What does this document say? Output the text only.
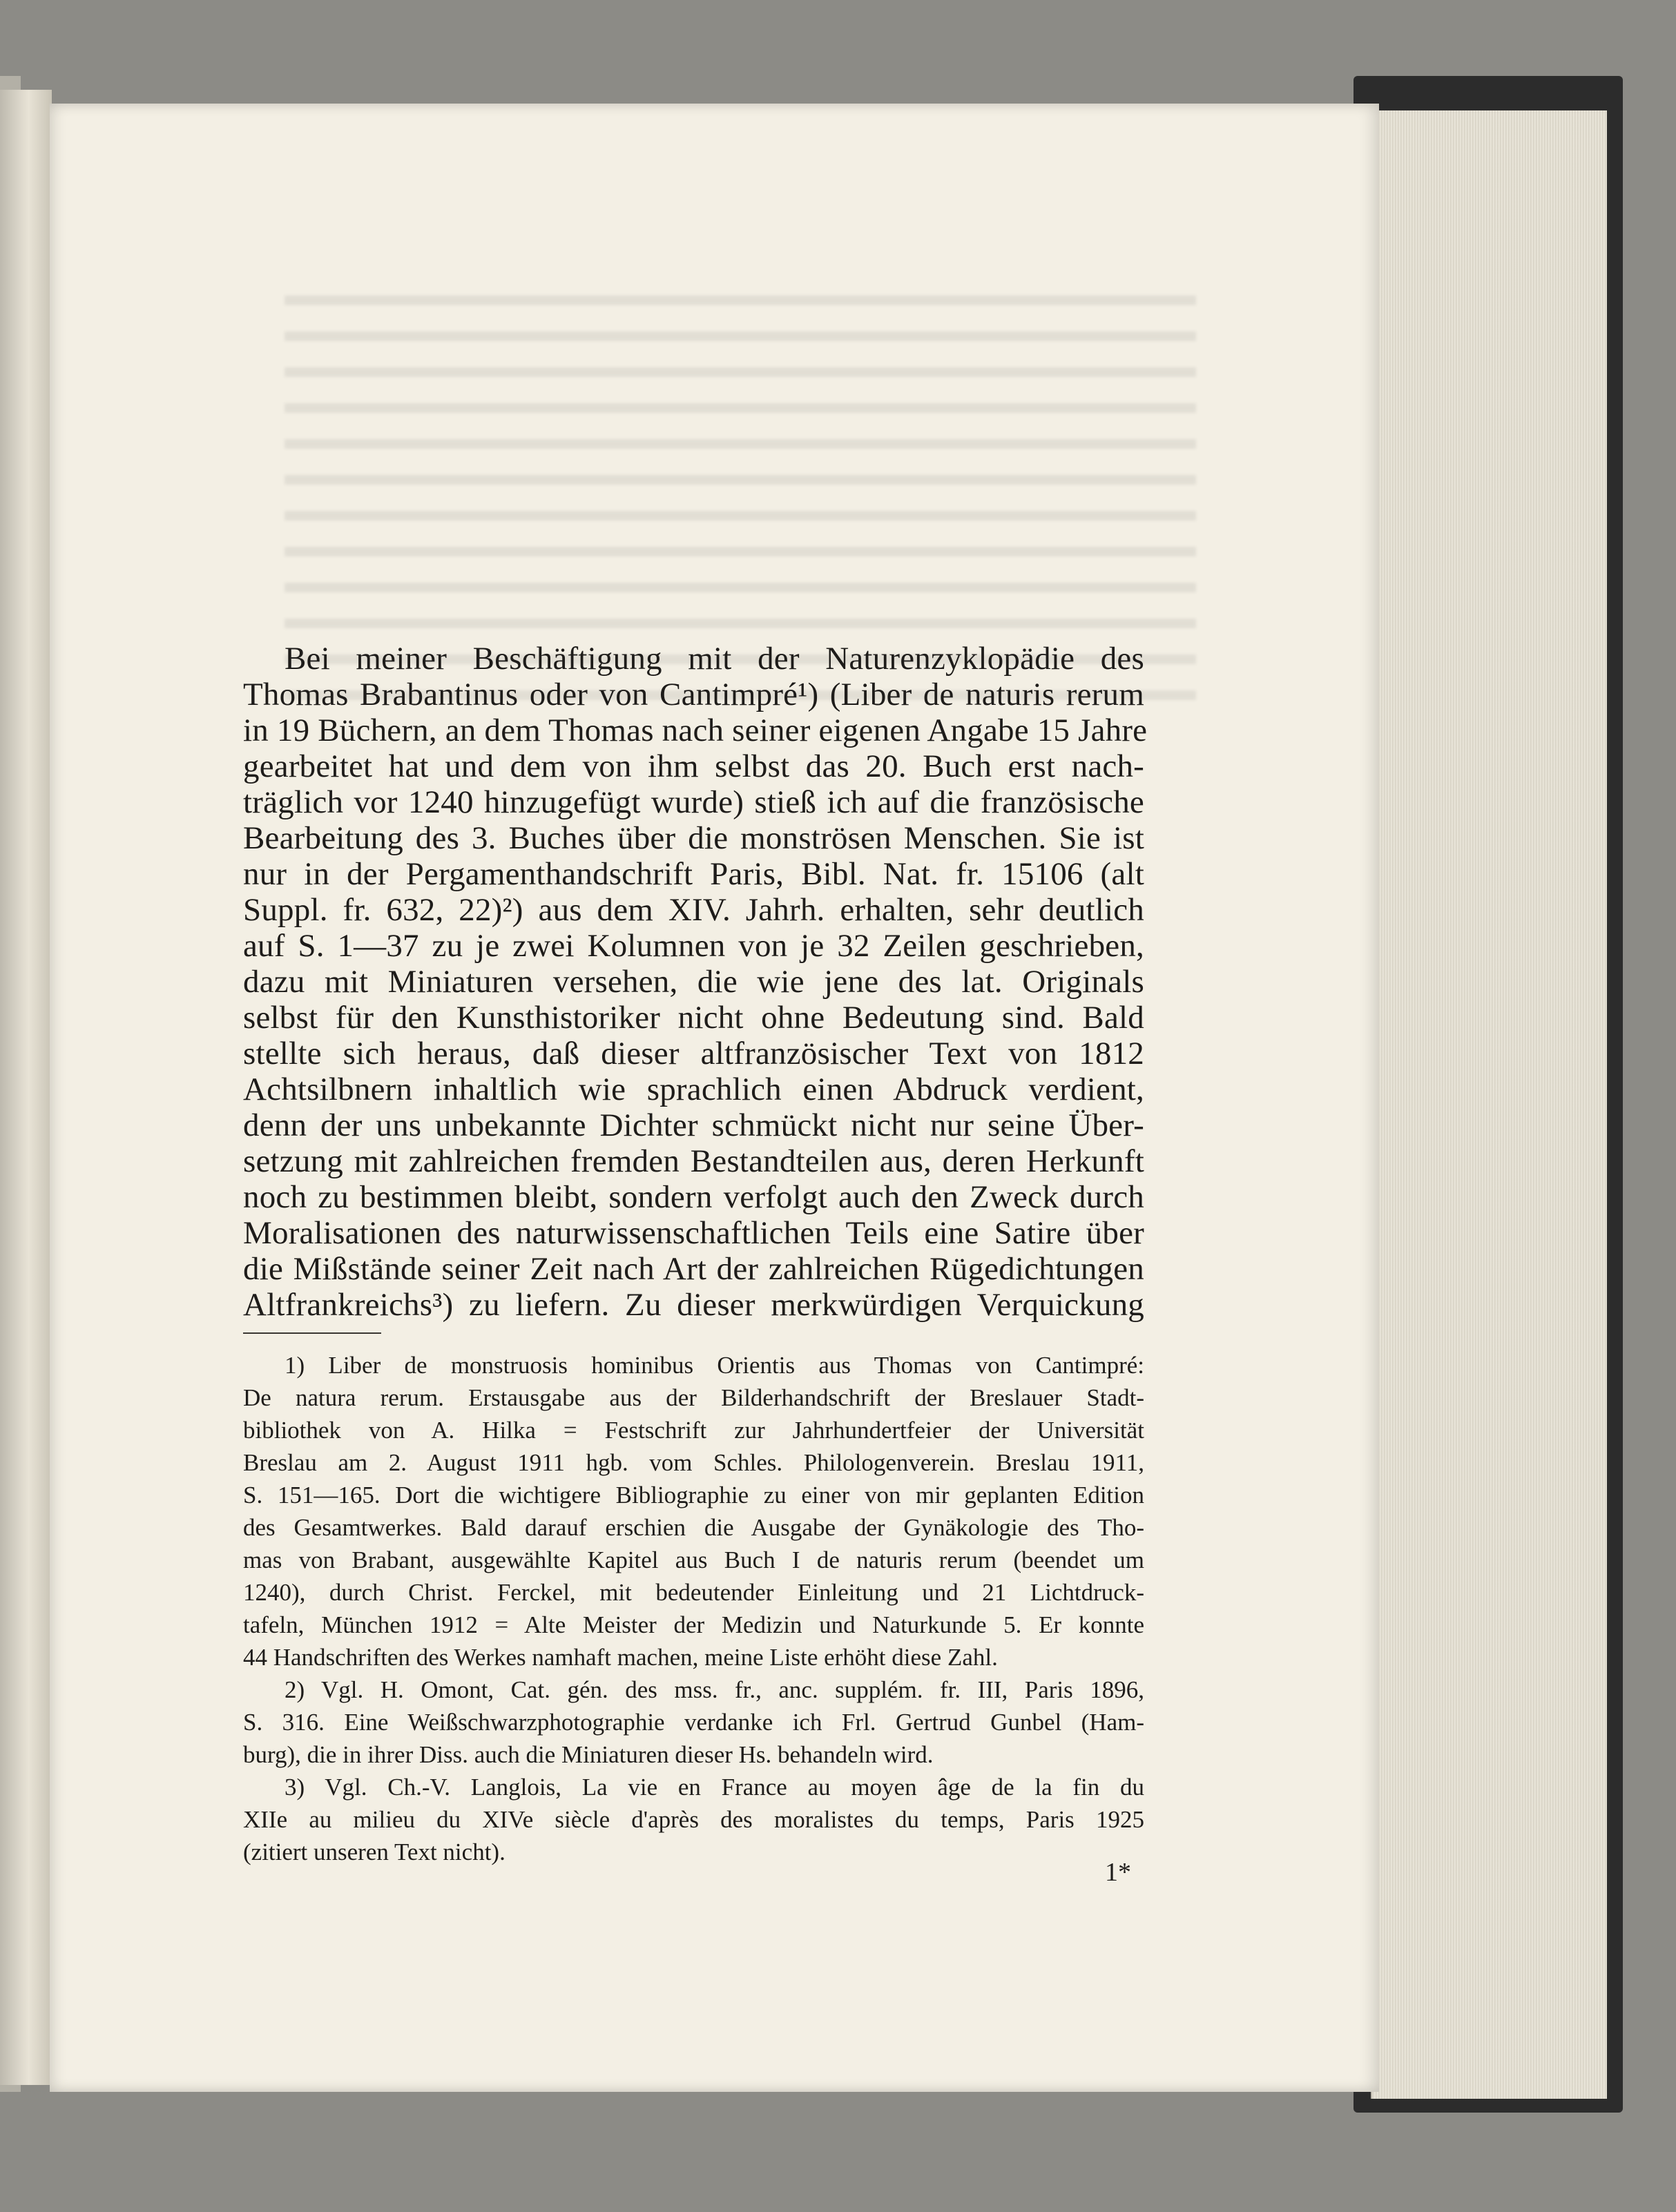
Bei meiner Beschäftigung mit der Naturenzyklopädie des
Thomas Brabantinus oder von Cantimpré¹) (Liber de naturis rerum
in 19 Büchern, an dem Thomas nach seiner eigenen Angabe 15 Jahre
gearbeitet hat und dem von ihm selbst das 20. Buch erst nach-
träglich vor 1240 hinzugefügt wurde) stieß ich auf die französische
Bearbeitung des 3. Buches über die monströsen Menschen. Sie ist
nur in der Pergamenthandschrift Paris, Bibl. Nat. fr. 15106 (alt
Suppl. fr. 632, 22)²) aus dem XIV. Jahrh. erhalten, sehr deutlich
auf S. 1—37 zu je zwei Kolumnen von je 32 Zeilen geschrieben,
dazu mit Miniaturen versehen, die wie jene des lat. Originals
selbst für den Kunsthistoriker nicht ohne Bedeutung sind. Bald
stellte sich heraus, daß dieser altfranzösischer Text von 1812
Achtsilbnern inhaltlich wie sprachlich einen Abdruck verdient,
denn der uns unbekannte Dichter schmückt nicht nur seine Über-
setzung mit zahlreichen fremden Bestandteilen aus, deren Herkunft
noch zu bestimmen bleibt, sondern verfolgt auch den Zweck durch
Moralisationen des naturwissenschaftlichen Teils eine Satire über
die Mißstände seiner Zeit nach Art der zahlreichen Rügedichtungen
Altfrankreichs³) zu liefern. Zu dieser merkwürdigen Verquickung
1) Liber de monstruosis hominibus Orientis aus Thomas von Cantimpré:
De natura rerum. Erstausgabe aus der Bilderhandschrift der Breslauer Stadt-
bibliothek von A. Hilka = Festschrift zur Jahrhundertfeier der Universität
Breslau am 2. August 1911 hgb. vom Schles. Philologenverein. Breslau 1911,
S. 151—165. Dort die wichtigere Bibliographie zu einer von mir geplanten Edition
des Gesamtwerkes. Bald darauf erschien die Ausgabe der Gynäkologie des Tho-
mas von Brabant, ausgewählte Kapitel aus Buch I de naturis rerum (beendet um
1240), durch Christ. Ferckel, mit bedeutender Einleitung und 21 Lichtdruck-
tafeln, München 1912 = Alte Meister der Medizin und Naturkunde 5. Er konnte
44 Handschriften des Werkes namhaft machen, meine Liste erhöht diese Zahl.
2) Vgl. H. Omont, Cat. gén. des mss. fr., anc. supplém. fr. III, Paris 1896,
S. 316. Eine Weißschwarzphotographie verdanke ich Frl. Gertrud Gunbel (Ham-
burg), die in ihrer Diss. auch die Miniaturen dieser Hs. behandeln wird.
3) Vgl. Ch.-V. Langlois, La vie en France au moyen âge de la fin du
XIIe au milieu du XIVe siècle d'après des moralistes du temps, Paris 1925
(zitiert unseren Text nicht).
1*
